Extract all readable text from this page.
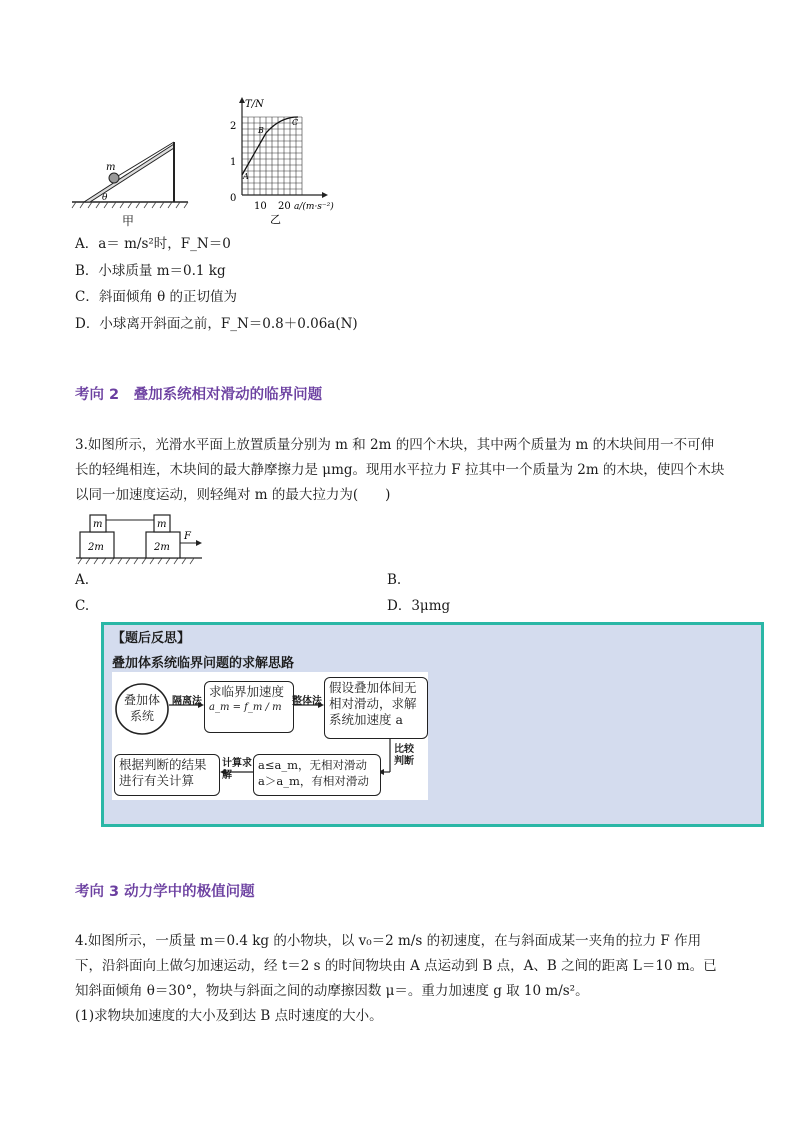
m
θ
甲
T/N
2
1
0
10 20 a/(m·s⁻²)
A
B
C
乙
A．a＝ m/s²时，F_N＝0
B．小球质量 m＝0.1 kg
C．斜面倾角 θ 的正切值为
D．小球离开斜面之前，F_N＝0.8＋0.06a(N)
考向 2　叠加系统相对滑动的临界问题
3.如图所示，光滑水平面上放置质量分别为 m 和 2m 的四个木块，其中两个质量为 m 的木块间用一不可伸长的轻绳相连，木块间的最大静摩擦力是 μmg。现用水平拉力 F 拉其中一个质量为 2m 的木块，使四个木块以同一加速度运动，则轻绳对 m 的最大拉力为(　　)
m	m
2m	2m
F
A.	B.
C.	D．3μmg
【题后反思】
叠加体系统临界问题的求解思路
叠加体系统
隔离法
求临界加速度
a_m = f_m / m
整体法
假设叠加体间无相对滑动，求解系统加速度 a
比较判断
a≤a_m，无相对滑动
a＞a_m，有相对滑动
计算求解
根据判断的结果进行有关计算
考向 3 动力学中的极值问题
4.如图所示，一质量 m＝0.4 kg 的小物块，以 v₀＝2 m/s 的初速度，在与斜面成某一夹角的拉力 F 作用下，沿斜面向上做匀加速运动，经 t＝2 s 的时间物块由 A 点运动到 B 点，A、B 之间的距离 L＝10 m。已知斜面倾角 θ＝30°，物块与斜面之间的动摩擦因数 μ＝。重力加速度 g 取 10 m/s²。
(1)求物块加速度的大小及到达 B 点时速度的大小。
